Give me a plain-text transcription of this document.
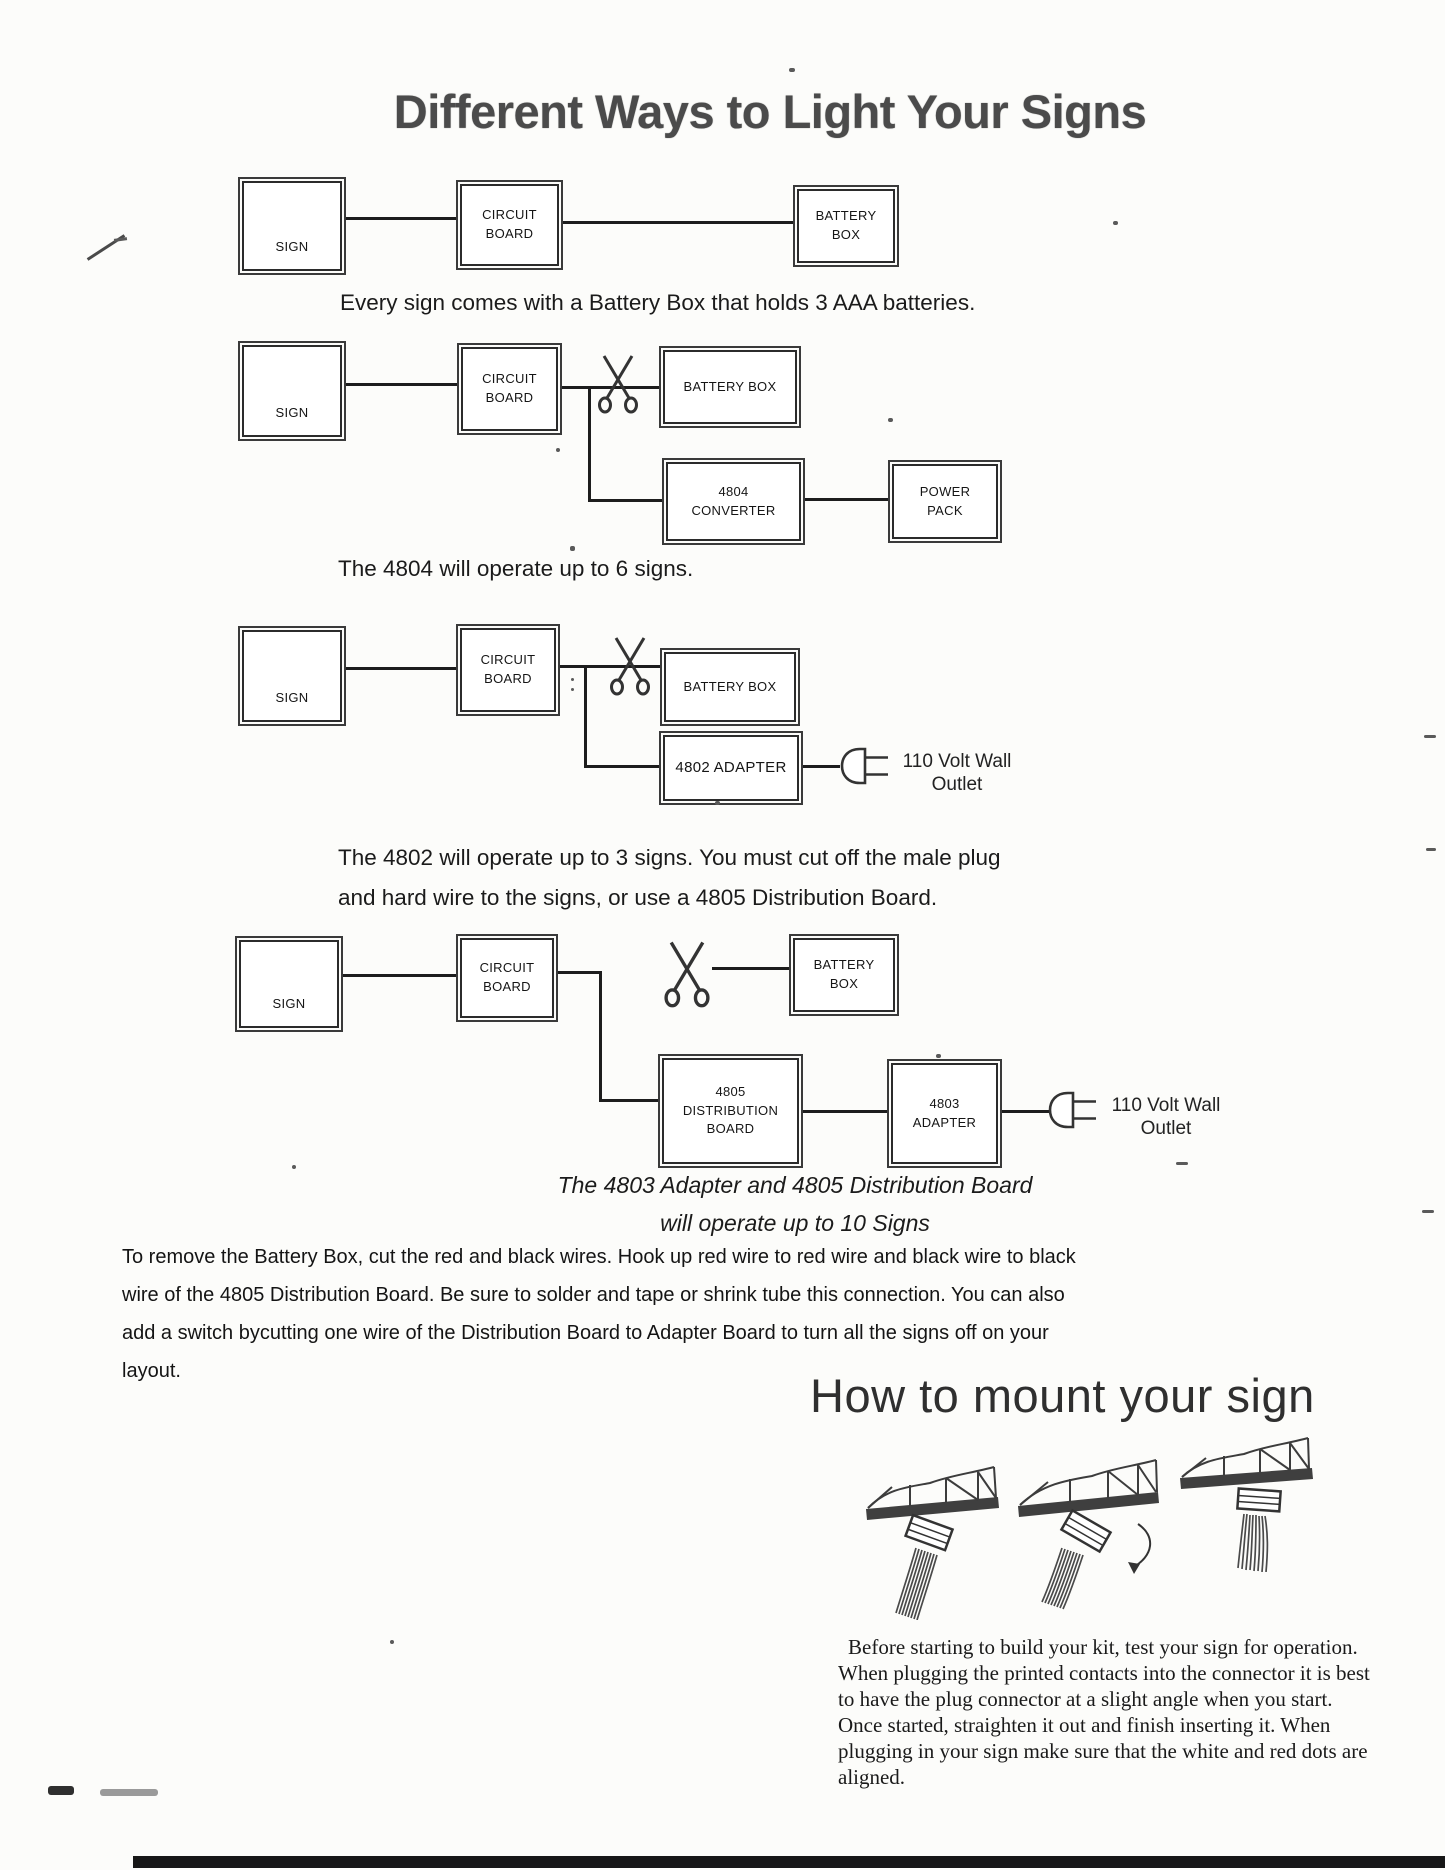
Different Ways to Light Your Signs
SIGN
CIRCUIT
BOARD
BATTERY
BOX
Every sign comes with a Battery Box that holds 3 AAA batteries.
SIGN
CIRCUIT
BOARD
BATTERY BOX
4804
CONVERTER
POWER
PACK
The 4804 will operate up to 6 signs.
SIGN
CIRCUIT
BOARD
BATTERY BOX
4802 ADAPTER	110 Volt Wall
Outlet
The 4802 will operate up to 3 signs. You must cut off the male plug
and hard wire to the signs, or use a 4805 Distribution Board.
SIGN
CIRCUIT
BOARD
BATTERY
BOX
4805
DISTRIBUTION
BOARD
4803
ADAPTER
110 Volt Wall
Outlet
The 4803 Adapter and 4805 Distribution Board
will operate up to 10 Signs
To remove the Battery Box, cut the red and black wires. Hook up red wire to red wire and black wire to black wire of the 4805 Distribution Board. Be sure to solder and tape or shrink tube this connection. You can also add a switch bycutting one wire of the Distribution Board to Adapter Board to turn all the signs off on your layout.	How to mount your sign
Before starting to build your kit, test your sign for operation. When plugging the printed contacts into the connector it is best to have the plug connector at a slight angle when you start. Once started, straighten it out and finish inserting it. When plugging in your sign make sure that the white and red dots are aligned.
